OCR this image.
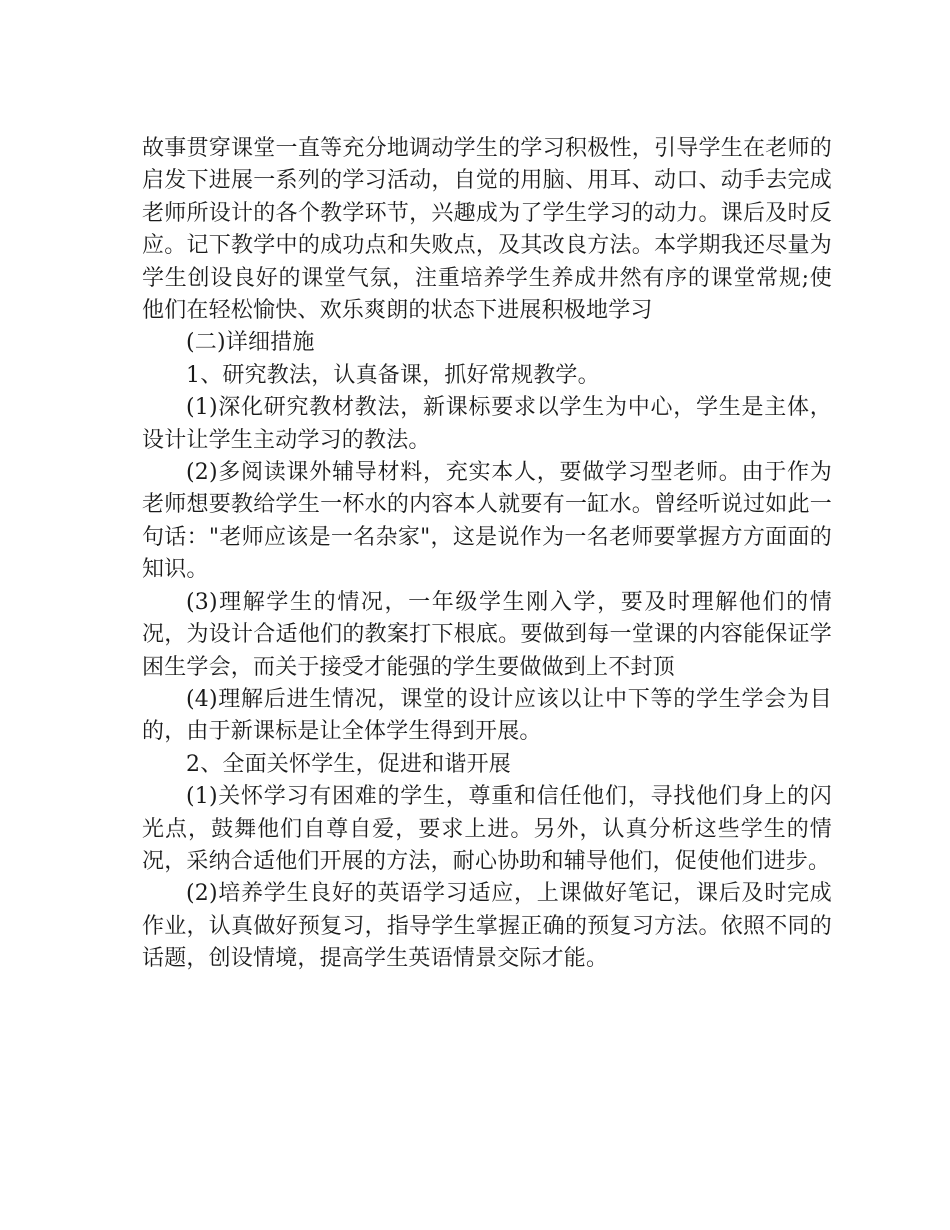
故事贯穿课堂一直等充分地调动学生的学习积极性，引导学生在老师的启发下进展一系列的学习活动，自觉的用脑、用耳、动口、动手去完成老师所设计的各个教学环节，兴趣成为了学生学习的动力。课后及时反应。记下教学中的成功点和失败点，及其改良方法。本学期我还尽量为学生创设良好的课堂气氛，注重培养学生养成井然有序的课堂常规;使他们在轻松愉快、欢乐爽朗的状态下进展积极地学习

(二)详细措施

1、研究教法，认真备课，抓好常规教学。

(1)深化研究教材教法，新课标要求以学生为中心，学生是主体，设计让学生主动学习的教法。

(2)多阅读课外辅导材料，充实本人，要做学习型老师。由于作为老师想要教给学生一杯水的内容本人就要有一缸水。曾经听说过如此一句话："老师应该是一名杂家"，这是说作为一名老师要掌握方方面面的知识。

(3)理解学生的情况，一年级学生刚入学，要及时理解他们的情况，为设计合适他们的教案打下根底。要做到每一堂课的内容能保证学困生学会，而关于接受才能强的学生要做做到上不封顶

(4)理解后进生情况，课堂的设计应该以让中下等的学生学会为目的，由于新课标是让全体学生得到开展。

2、全面关怀学生，促进和谐开展

(1)关怀学习有困难的学生，尊重和信任他们，寻找他们身上的闪光点，鼓舞他们自尊自爱，要求上进。另外，认真分析这些学生的情况，采纳合适他们开展的方法，耐心协助和辅导他们，促使他们进步。

(2)培养学生良好的英语学习适应，上课做好笔记，课后及时完成作业，认真做好预复习，指导学生掌握正确的预复习方法。依照不同的话题，创设情境，提高学生英语情景交际才能。
